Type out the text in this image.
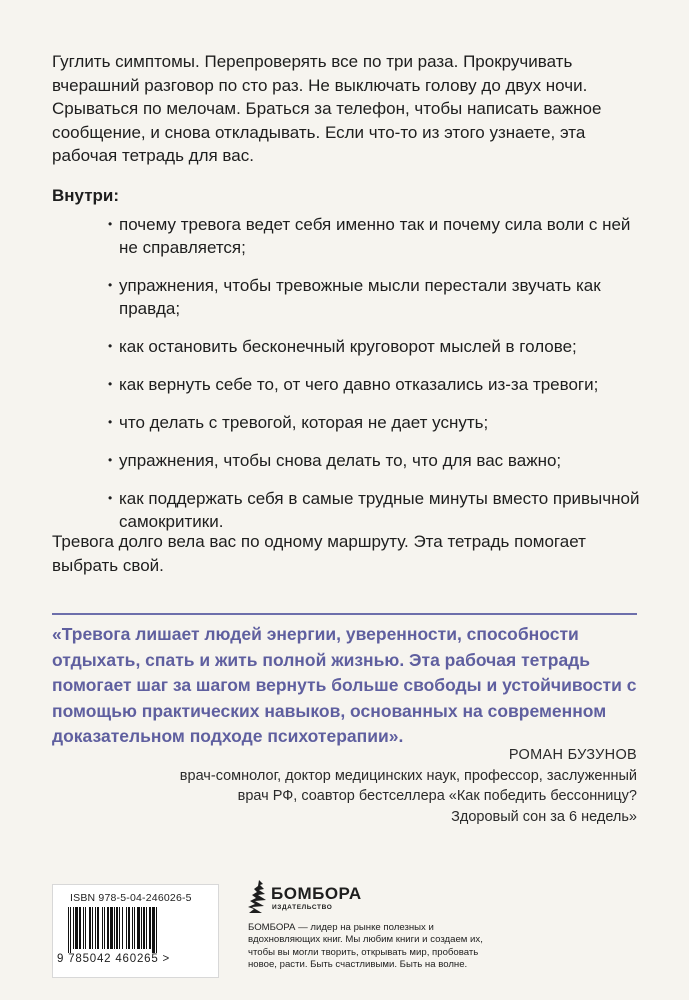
Гуглить симптомы. Перепроверять все по три раза. Прокручивать вчерашний разговор по сто раз. Не выключать голову до двух ночи. Срываться по мелочам. Браться за телефон, чтобы написать важное сообщение, и снова откладывать. Если что-то из этого узнаете, эта рабочая тетрадь для вас.

Внутри:

• почему тревога ведет себя именно так и почему сила воли с ней не справляется;
• упражнения, чтобы тревожные мысли перестали звучать как правда;
• как остановить бесконечный круговорот мыслей в голове;
• как вернуть себе то, от чего давно отказались из-за тревоги;
• что делать с тревогой, которая не дает уснуть;
• упражнения, чтобы снова делать то, что для вас важно;
• как поддержать себя в самые трудные минуты вместо привычной самокритики.

Тревога долго вела вас по одному маршруту. Эта тетрадь помогает выбрать свой.

«Тревога лишает людей энергии, уверенности, способности отдыхать, спать и жить полной жизнью. Эта рабочая тетрадь помогает шаг за шагом вернуть больше свободы и устойчивости с помощью практических навыков, основанных на современном доказательном подходе психотерапии».

РОМАН БУЗУНОВ
врач-сомнолог, доктор медицинских наук, профессор, заслуженный врач РФ, соавтор бестселлера «Как победить бессонницу? Здоровый сон за 6 недель»
ISBN 978-5-04-246026-5
9 785042 460265 >
БОМБОРА
ИЗДАТЕЛЬСТВО

БОМБОРА — лидер на рынке полезных и вдохновляющих книг. Мы любим книги и создаем их, чтобы вы могли творить, открывать мир, пробовать новое, расти. Быть счастливыми. Быть на волне.
